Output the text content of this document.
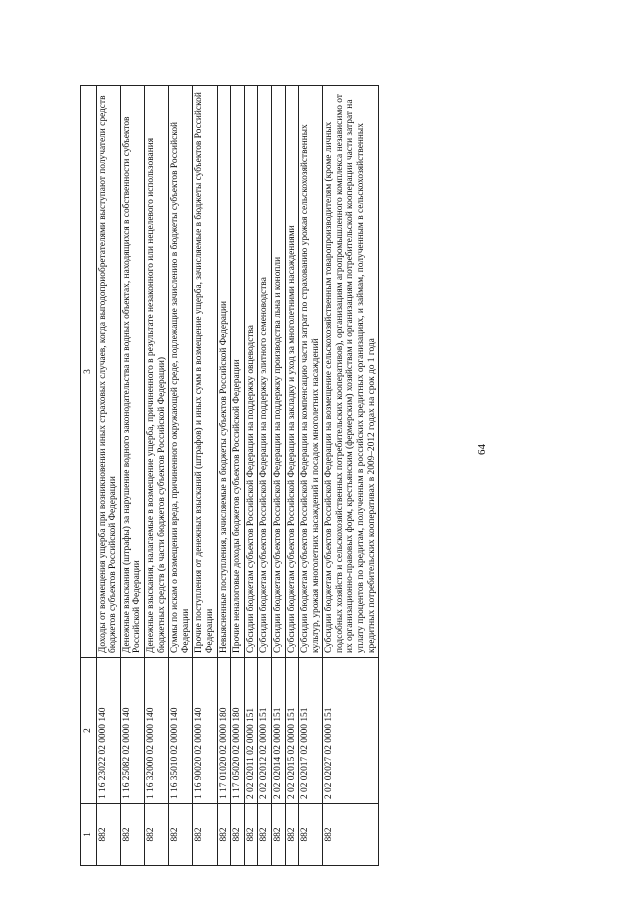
64
1	2	3
882	1 16 23022 02 0000 140	Доходы от возмещения ущерба при возникновении иных страховых случаев, когда выгодоприобретателями выступают получатели средств бюджетов субъектов Российской Федерации
882	1 16 25082 02 0000 140	Денежные взыскания (штрафы) за нарушение водного законодательства на водных объектах, находящихся в собственности субъектов Российской Федерации
882	1 16 32000 02 0000 140	Денежные взыскания, налагаемые в возмещение ущерба, причиненного в результате незаконного или нецелевого использования бюджетных средств (в части бюджетов субъектов Российской Федерации)
882	1 16 35010 02 0000 140	Суммы по искам о возмещении вреда, причиненного окружающей среде, подлежащие зачислению в бюджеты субъектов Российской Федерации
882	1 16 90020 02 0000 140	Прочие поступления от денежных взысканий (штрафов) и иных сумм в возмещение ущерба, зачисляемые в бюджеты субъектов Российской Федерации
882	1 17 01020 02 0000 180	Невыясненные поступления, зачисляемые в бюджеты субъектов Российской Федерации
882	1 17 05020 02 0000 180	Прочие неналоговые доходы бюджетов субъектов Российской Федерации
882	2 02 02011 02 0000 151	Субсидии бюджетам субъектов Российской Федерации на поддержку овцеводства
882	2 02 02012 02 0000 151	Субсидии бюджетам субъектов Российской Федерации на поддержку элитного семеноводства
882	2 02 02014 02 0000 151	Субсидии бюджетам субъектов Российской Федерации на поддержку производства льна и конопли
882	2 02 02015 02 0000 151	Субсидии бюджетам субъектов Российской Федерации на закладку и уход за многолетними насаждениями
882	2 02 02017 02 0000 151	Субсидии бюджетам субъектов Российской Федерации на компенсацию части затрат по страхованию урожая сельскохозяйственных культур, урожая многолетних насаждений и посадок многолетних насаждений
882	2 02 02027 02 0000 151	Субсидии бюджетам субъектов Российской Федерации на возмещение сельскохозяйственным товаропроизводителям (кроме личных подсобных хозяйств и сельскохозяйственных потребительских кооперативов), организациям агропромышленного комплекса независимо от их организационно-правовых форм, крестьянским (фермерским) хозяйствам и организациям потребительской кооперации части затрат на уплату процентов по кредитам, полученным в российских кредитных организациях, и займам, полученным в сельскохозяйственных кредитных потребительских кооперативах в 2009–2012 годах на срок до 1 года
